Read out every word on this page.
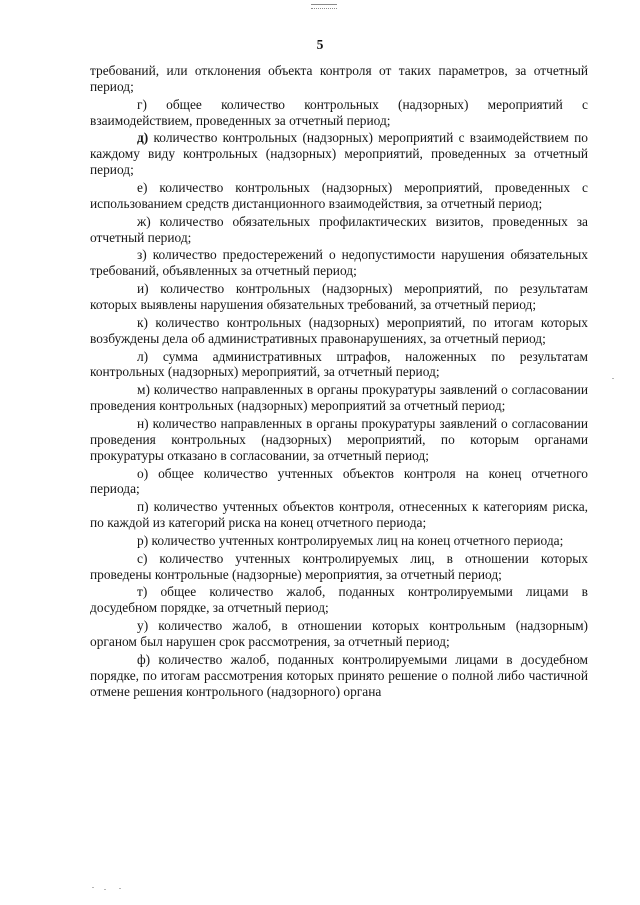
5

требований, или отклонения объекта контроля от таких параметров, за отчетный период;

г) общее количество контрольных (надзорных) мероприятий с взаимодействием, проведенных за отчетный период;

д) количество контрольных (надзорных) мероприятий с взаимодействием по каждому виду контрольных (надзорных) мероприятий, проведенных за отчетный период;

е) количество контрольных (надзорных) мероприятий, проведенных с использованием средств дистанционного взаимодействия, за отчетный период;

ж) количество обязательных профилактических визитов, проведенных за отчетный период;

з) количество предостережений о недопустимости нарушения обязательных требований, объявленных за отчетный период;

и) количество контрольных (надзорных) мероприятий, по результатам которых выявлены нарушения обязательных требований, за отчетный период;

к) количество контрольных (надзорных) мероприятий, по итогам которых возбуждены дела об административных правонарушениях, за отчетный период;

л) сумма административных штрафов, наложенных по результатам контрольных (надзорных) мероприятий, за отчетный период;

м) количество направленных в органы прокуратуры заявлений о согласовании проведения контрольных (надзорных) мероприятий за отчетный период;

н) количество направленных в органы прокуратуры заявлений о согласовании проведения контрольных (надзорных) мероприятий, по которым органами прокуратуры отказано в согласовании, за отчетный период;

о) общее количество учтенных объектов контроля на конец отчетного периода;

п) количество учтенных объектов контроля, отнесенных к категориям риска, по каждой из категорий риска на конец отчетного периода;

р) количество учтенных контролируемых лиц на конец отчетного периода;

с) количество учтенных контролируемых лиц, в отношении которых проведены контрольные (надзорные) мероприятия, за отчетный период;

т) общее количество жалоб, поданных контролируемыми лицами в досудебном порядке, за отчетный период;

у) количество жалоб, в отношении которых контрольным (надзорным) органом был нарушен срок рассмотрения, за отчетный период;

ф) количество жалоб, поданных контролируемыми лицами в досудебном порядке, по итогам рассмотрения которых принято решение о полной либо частичной отмене решения контрольного (надзорного) органа
